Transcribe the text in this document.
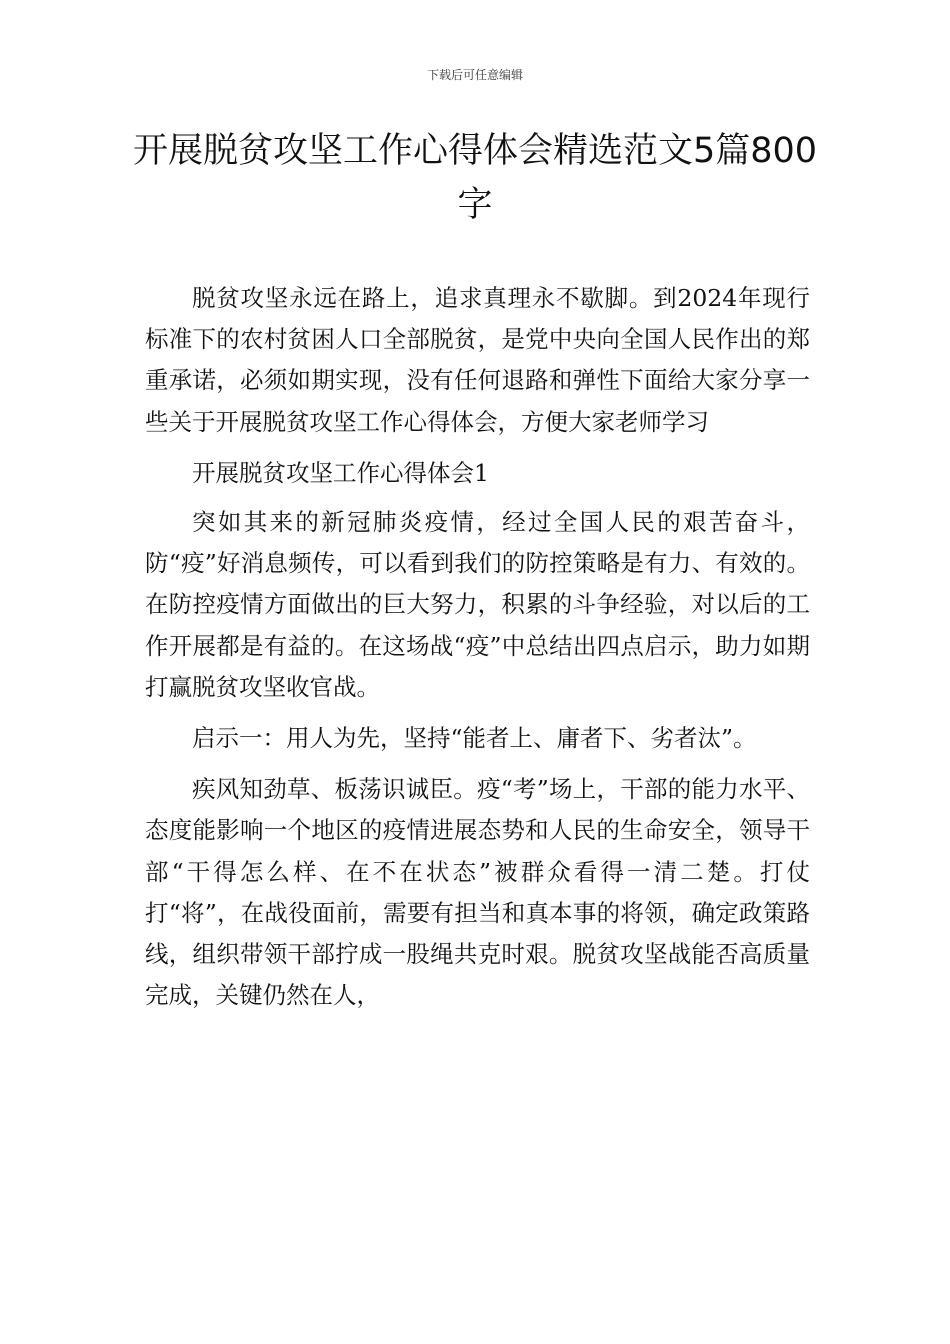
下载后可任意编辑
开展脱贫攻坚工作心得体会精选范文5篇800字

脱贫攻坚永远在路上，追求真理永不歇脚。到2024年现行标准下的农村贫困人口全部脱贫，是党中央向全国人民作出的郑重承诺，必须如期实现，没有任何退路和弹性下面给大家分享一些关于开展脱贫攻坚工作心得体会，方便大家老师学习

开展脱贫攻坚工作心得体会1

突如其来的新冠肺炎疫情，经过全国人民的艰苦奋斗，防“疫”好消息频传，可以看到我们的防控策略是有力、有效的。在防控疫情方面做出的巨大努力，积累的斗争经验，对以后的工作开展都是有益的。在这场战“疫”中总结出四点启示，助力如期打赢脱贫攻坚收官战。

启示一：用人为先，坚持“能者上、庸者下、劣者汰”。

疾风知劲草、板荡识诚臣。疫“考”场上，干部的能力水平、态度能影响一个地区的疫情进展态势和人民的生命安全，领导干部“干得怎么样、在不在状态”被群众看得一清二楚。打仗打“将”，在战役面前，需要有担当和真本事的将领，确定政策路线，组织带领干部拧成一股绳共克时艰。脱贫攻坚战能否高质量完成，关键仍然在人，
